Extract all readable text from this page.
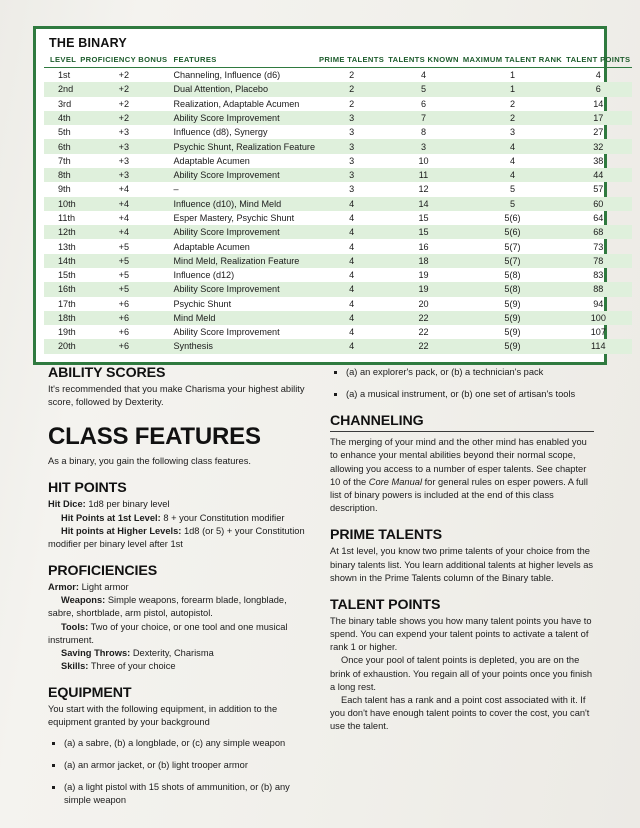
THE BINARY
LEVEL	PROFICIENCY BONUS	FEATURES	PRIME TALENTS	TALENTS KNOWN	MAXIMUM TALENT RANK	TALENT POINTS
1st	+2	Channeling, Influence (d6)	2	4	1	4
2nd	+2	Dual Attention, Placebo	2	5	1	6
3rd	+2	Realization, Adaptable Acumen	2	6	2	14
4th	+2	Ability Score Improvement	3	7	2	17
5th	+3	Influence (d8), Synergy	3	8	3	27
6th	+3	Psychic Shunt, Realization Feature	3	3	4	32
7th	+3	Adaptable Acumen	3	10	4	38
8th	+3	Ability Score Improvement	3	11	4	44
9th	+4	–	3	12	5	57
10th	+4	Influence (d10), Mind Meld	4	14	5	60
11th	+4	Esper Mastery, Psychic Shunt	4	15	5(6)	64
12th	+4	Ability Score Improvement	4	15	5(6)	68
13th	+5	Adaptable Acumen	4	16	5(7)	73
14th	+5	Mind Meld, Realization Feature	4	18	5(7)	78
15th	+5	Influence (d12)	4	19	5(8)	83
16th	+5	Ability Score Improvement	4	19	5(8)	88
17th	+6	Psychic Shunt	4	20	5(9)	94
18th	+6	Mind Meld	4	22	5(9)	100
19th	+6	Ability Score Improvement	4	22	5(9)	107
20th	+6	Synthesis	4	22	5(9)	114
ABILITY SCORES

It's recommended that you make Charisma your highest ability score, followed by Dexterity.

CLASS FEATURES

As a binary, you gain the following class features.

HIT POINTS

Hit Dice: 1d8 per binary level

Hit Points at 1st Level: 8 + your Constitution modifier

Hit points at Higher Levels: 1d8 (or 5) + your Constitution modifier per binary level after 1st

PROFICIENCIES

Armor: Light armor

Weapons: Simple weapons, forearm blade, longblade, sabre, shortblade, arm pistol, autopistol.

Tools: Two of your choice, or one tool and one musical instrument.

Saving Throws: Dexterity, Charisma

Skills: Three of your choice

EQUIPMENT

You start with the following equipment, in addition to the equipment granted by your background

(a) a sabre, (b) a longblade, or (c) any simple weapon
(a) an armor jacket, or (b) light trooper armor
(a) a light pistol with 15 shots of ammunition, or (b) any simple weapon
(a) an explorer's pack, or (b) a technician's pack
(a) a musical instrument, or (b) one set of artisan's tools
CHANNELING

The merging of your mind and the other mind has enabled you to enhance your mental abilities beyond their normal scope, allowing you access to a number of esper talents. See chapter 10 of the Core Manual for general rules on esper powers. A full list of binary powers is included at the end of this class description.

PRIME TALENTS

At 1st level, you know two prime talents of your choice from the binary talents list. You learn additional talents at higher levels as shown in the Prime Talents column of the Binary table.

TALENT POINTS

The binary table shows you how many talent points you have to spend. You can expend your talent points to activate a talent of rank 1 or higher.

Once your pool of talent points is depleted, you are on the brink of exhaustion. You regain all of your points once you finish a long rest.

Each talent has a rank and a point cost associated with it. If you don't have enough talent points to cover the cost, you can't use the talent.
